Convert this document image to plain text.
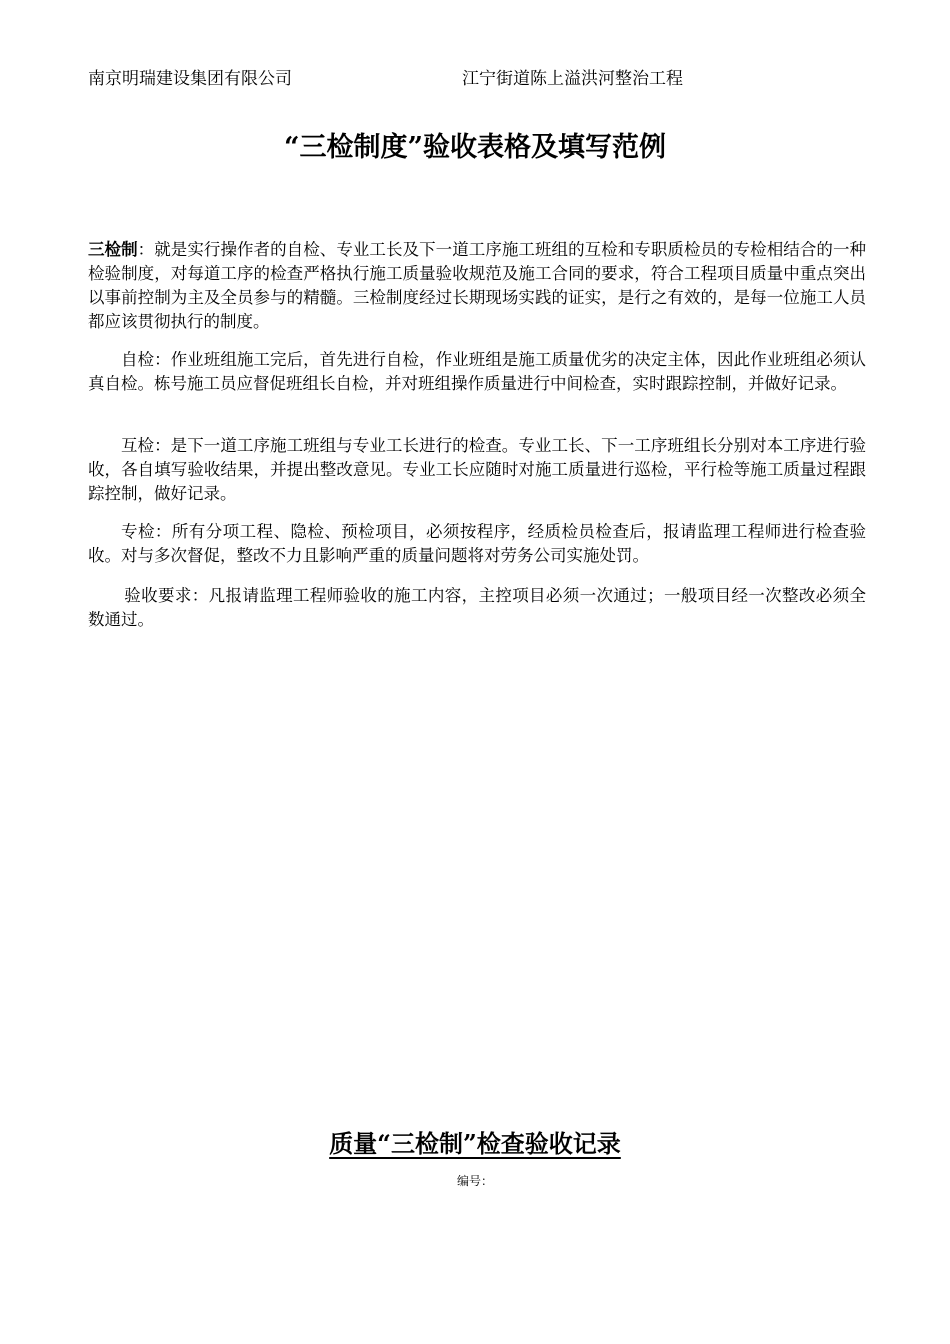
南京明瑞建设集团有限公司	江宁街道陈上溢洪河整治工程
“三检制度”验收表格及填写范例
三检制：就是实行操作者的自检、专业工长及下一道工序施工班组的互检和专职质检员的专检相结合的一种检验制度，对每道工序的检查严格执行施工质量验收规范及施工合同的要求，符合工程项目质量中重点突出以事前控制为主及全员参与的精髓。三检制度经过长期现场实践的证实，是行之有效的，是每一位施工人员都应该贯彻执行的制度。
自检：作业班组施工完后，首先进行自检，作业班组是施工质量优劣的决定主体，因此作业班组必须认真自检。栋号施工员应督促班组长自检，并对班组操作质量进行中间检查，实时跟踪控制，并做好记录。
互检：是下一道工序施工班组与专业工长进行的检查。专业工长、下一工序班组长分别对本工序进行验收，各自填写验收结果，并提出整改意见。专业工长应随时对施工质量进行巡检，平行检等施工质量过程跟踪控制，做好记录。
专检：所有分项工程、隐检、预检项目，必须按程序，经质检员检查后，报请监理工程师进行检查验收。对与多次督促，整改不力且影响严重的质量问题将对劳务公司实施处罚。
验收要求：凡报请监理工程师验收的施工内容，主控项目必须一次通过；一般项目经一次整改必须全数通过。
质量“三检制”检查验收记录
编号：
